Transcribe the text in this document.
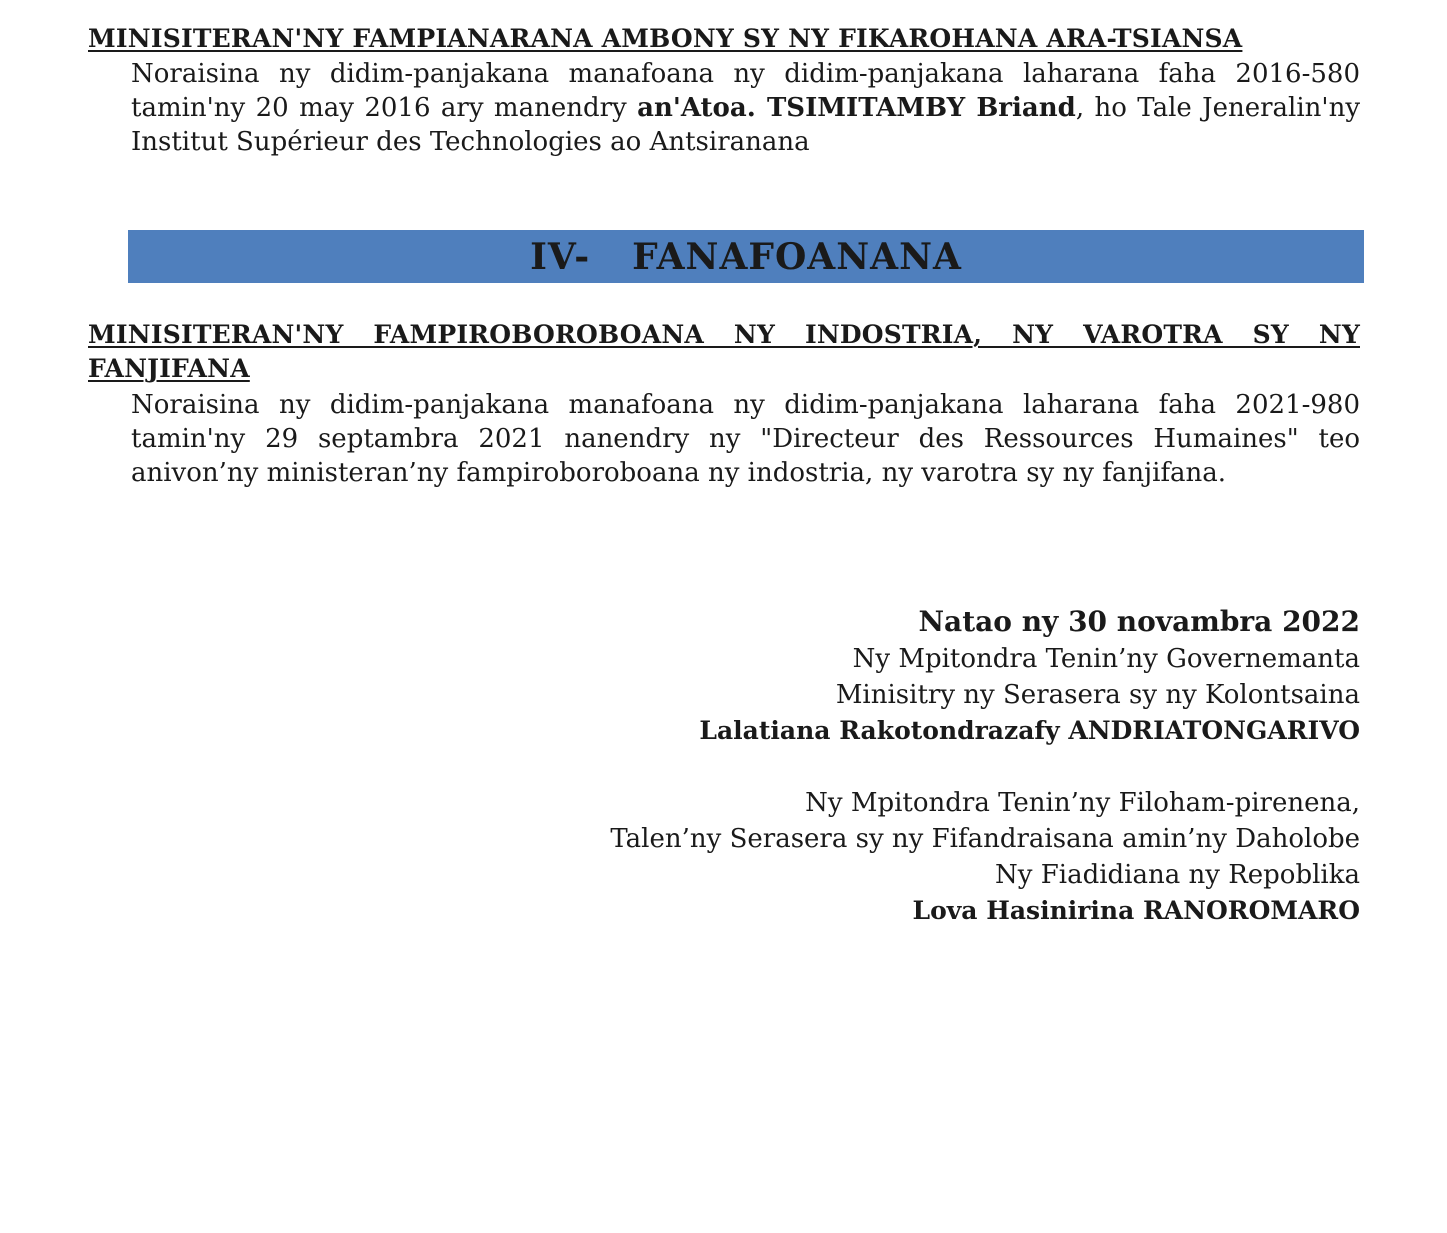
MINISITERAN'NY FAMPIANARANA AMBONY SY NY FIKAROHANA ARA-TSIANSA

Noraisina ny didim-panjakana manafoana ny didim-panjakana laharana faha 2016-580 tamin'ny 20 may 2016 ary manendry an'Atoa. TSIMITAMBY Briand, ho Tale Jeneralin'ny Institut Supérieur des Technologies ao Antsiranana

IV- FANAFOANANA
MINISITERAN'NY FAMPIROBOROBOANA NY INDOSTRIA, NY VAROTRA SY NY FANJIFANA

Noraisina ny didim-panjakana manafoana ny didim-panjakana laharana faha 2021-980 tamin'ny 29 septambra 2021 nanendry ny "Directeur des Ressources Humaines" teo anivon’ny ministeran’ny fampiroboroboana ny indostria, ny varotra sy ny fanjifana.

Natao ny 30 novambra 2022
Ny Mpitondra Tenin’ny Governemanta
Minisitry ny Serasera sy ny Kolontsaina
Lalatiana Rakotondrazafy ANDRIATONGARIVO
Ny Mpitondra Tenin’ny Filoham-pirenena,
Talen’ny Serasera sy ny Fifandraisana amin’ny Daholobe
Ny Fiadidiana ny Repoblika
Lova Hasinirina RANOROMARO
